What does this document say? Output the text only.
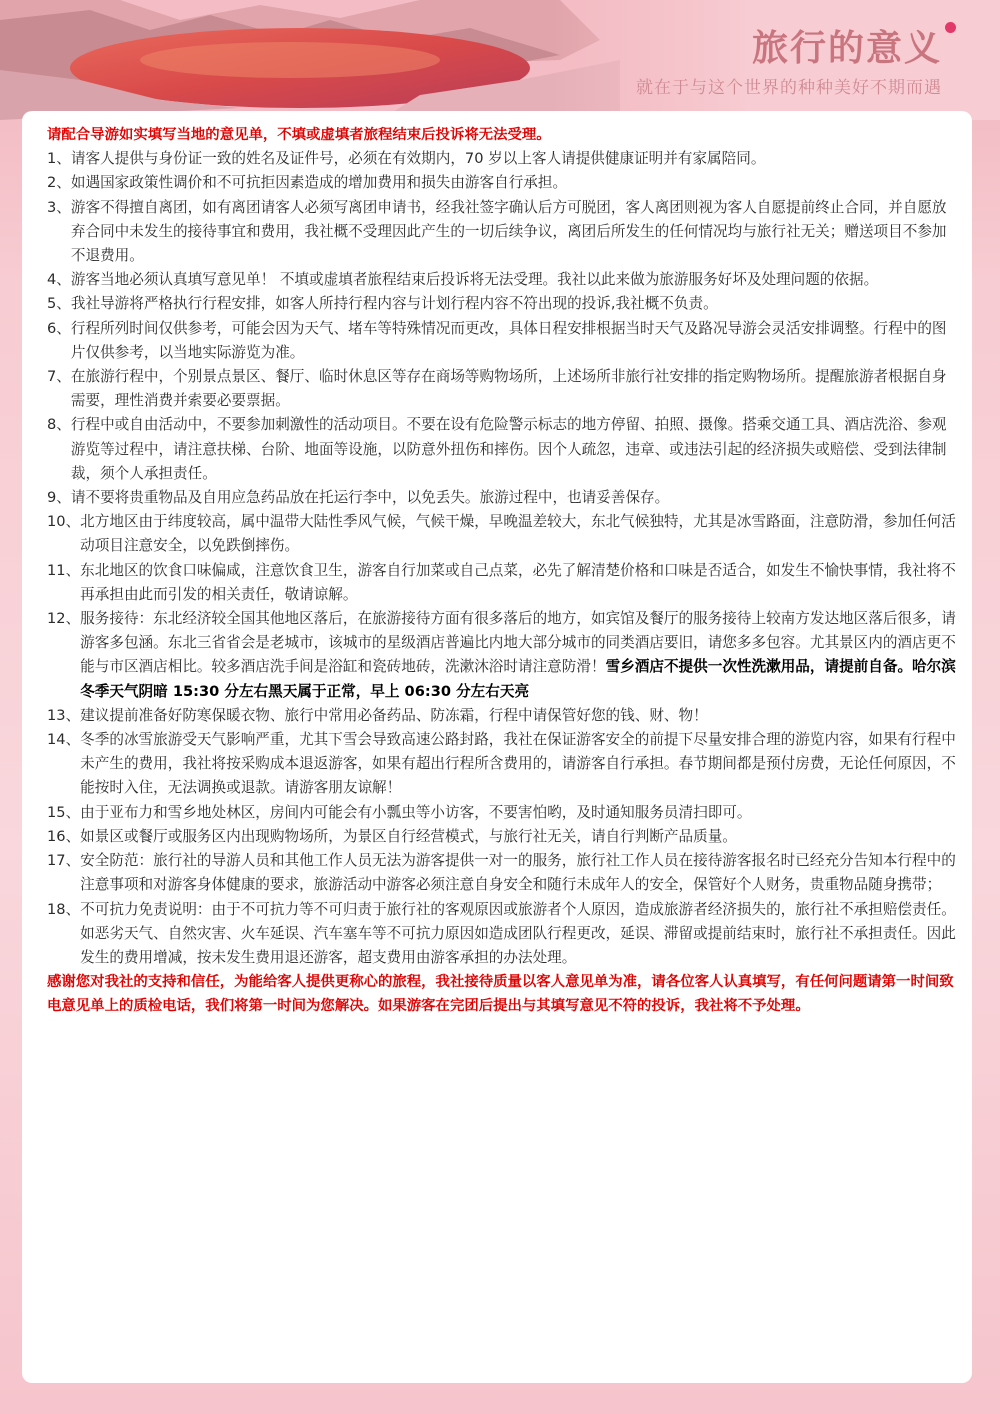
旅行的意义
就在于与这个世界的种种美好不期而遇
请配合导游如实填写当地的意见单，不填或虚填者旅程结束后投诉将无法受理。
1、 请客人提供与身份证一致的姓名及证件号，必须在有效期内，70 岁以上客人请提供健康证明并有家属陪同。
2、 如遇国家政策性调价和不可抗拒因素造成的增加费用和损失由游客自行承担。
3、 游客不得擅自离团，如有离团请客人必须写离团申请书，经我社签字确认后方可脱团，客人离团则视为客人自愿提前终止合同，并自愿放弃合同中未发生的接待事宜和费用，我社概不受理因此产生的一切后续争议，离团后所发生的任何情况均与旅行社无关；赠送项目不参加不退费用。
4、 游客当地必须认真填写意见单！ 不填或虚填者旅程结束后投诉将无法受理。我社以此来做为旅游服务好坏及处理问题的依据。
5、 我社导游将严格执行行程安排，如客人所持行程内容与计划行程内容不符出现的投诉,我社概不负责。
6、 行程所列时间仅供参考，可能会因为天气、堵车等特殊情况而更改，具体日程安排根据当时天气及路况导游会灵活安排调整。行程中的图片仅供参考，以当地实际游览为准。
7、 在旅游行程中，个别景点景区、餐厅、临时休息区等存在商场等购物场所，上述场所非旅行社安排的指定购物场所。提醒旅游者根据自身需要，理性消费并索要必要票据。
8、 行程中或自由活动中，不要参加刺激性的活动项目。不要在设有危险警示标志的地方停留、拍照、摄像。搭乘交通工具、酒店洗浴、参观游览等过程中，请注意扶梯、台阶、地面等设施，以防意外扭伤和摔伤。因个人疏忽，违章、或违法引起的经济损失或赔偿、受到法律制裁，须个人承担责任。
9、 请不要将贵重物品及自用应急药品放在托运行李中，以免丢失。旅游过程中，也请妥善保存。
10、 北方地区由于纬度较高，属中温带大陆性季风气候，气候干燥，早晚温差较大，东北气候独特，尤其是冰雪路面，注意防滑，参加任何活动项目注意安全，以免跌倒摔伤。
11、 东北地区的饮食口味偏咸，注意饮食卫生，游客自行加菜或自己点菜，必先了解清楚价格和口味是否适合，如发生不愉快事情，我社将不再承担由此而引发的相关责任，敬请谅解。
12、 服务接待：东北经济较全国其他地区落后，在旅游接待方面有很多落后的地方，如宾馆及餐厅的服务接待上较南方发达地区落后很多，请游客多包涵。东北三省省会是老城市，该城市的星级酒店普遍比内地大部分城市的同类酒店要旧，请您多多包容。尤其景区内的酒店更不能与市区酒店相比。较多酒店洗手间是浴缸和瓷砖地砖，洗漱沐浴时请注意防滑！雪乡酒店不提供一次性洗漱用品，请提前自备。哈尔滨冬季天气阴暗 15:30 分左右黑天属于正常，早上 06:30 分左右天亮
13、 建议提前准备好防寒保暖衣物、旅行中常用必备药品、防冻霜，行程中请保管好您的钱、财、物！
14、 冬季的冰雪旅游受天气影响严重，尤其下雪会导致高速公路封路，我社在保证游客安全的前提下尽量安排合理的游览内容，如果有行程中未产生的费用，我社将按采购成本退返游客，如果有超出行程所含费用的，请游客自行承担。春节期间都是预付房费，无论任何原因，不能按时入住，无法调换或退款。请游客朋友谅解！
15、 由于亚布力和雪乡地处林区，房间内可能会有小瓢虫等小访客，不要害怕哟，及时通知服务员清扫即可。
16、 如景区或餐厅或服务区内出现购物场所，为景区自行经营模式，与旅行社无关，请自行判断产品质量。
17、 安全防范：旅行社的导游人员和其他工作人员无法为游客提供一对一的服务，旅行社工作人员在接待游客报名时已经充分告知本行程中的注意事项和对游客身体健康的要求，旅游活动中游客必须注意自身安全和随行未成年人的安全，保管好个人财务，贵重物品随身携带；
18、 不可抗力免责说明：由于不可抗力等不可归责于旅行社的客观原因或旅游者个人原因，造成旅游者经济损失的，旅行社不承担赔偿责任。如恶劣天气、自然灾害、火车延误、汽车塞车等不可抗力原因如造成团队行程更改，延误、滞留或提前结束时，旅行社不承担责任。因此发生的费用增减，按未发生费用退还游客，超支费用由游客承担的办法处理。
感谢您对我社的支持和信任，为能给客人提供更称心的旅程，我社接待质量以客人意见单为准，请各位客人认真填写，有任何问题请第一时间致电意见单上的质检电话，我们将第一时间为您解决。如果游客在完团后提出与其填写意见不符的投诉，我社将不予处理。
